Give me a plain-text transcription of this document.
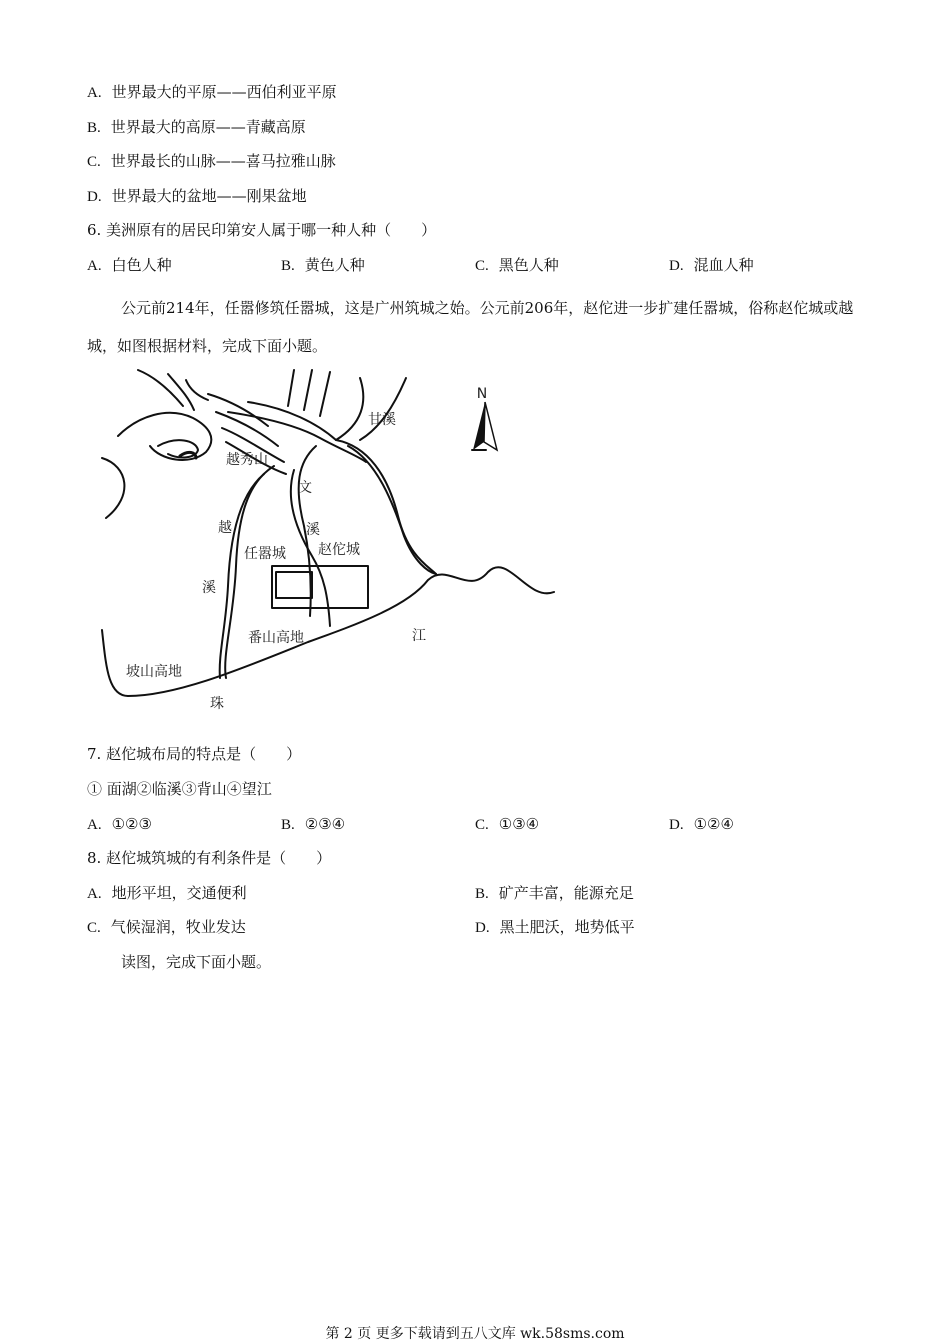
A. 世界最大的平原——西伯利亚平原
B. 世界最大的高原——青藏高原
C. 世界最长的山脉——喜马拉雅山脉
D. 世界最大的盆地——刚果盆地
6. 美洲原有的居民印第安人属于哪一种人种（　　）
A. 白色人种	B. 黄色人种	C. 黑色人种	D. 混血人种
公元前214年，任嚣修筑任嚣城，这是广州筑城之始。公元前206年，赵佗进一步扩建任嚣城，俗称赵佗城或越城，如图根据材料，完成下面小题。
N
越秀山
甘溪
文
溪
越
溪
任嚣城 赵佗城
番山高地	江
坡山高地
珠
7. 赵佗城布局的特点是（　　）
① 面湖②临溪③背山④望江
A. ①②③	B. ②③④	C. ①③④	D. ①②④
8. 赵佗城筑城的有利条件是（　　）
A. 地形平坦，交通便利	B. 矿产丰富，能源充足
C. 气候湿润，牧业发达	D. 黑土肥沃，地势低平
读图，完成下面小题。
第 2 页 更多下载请到五八文库 wk.58sms.com
